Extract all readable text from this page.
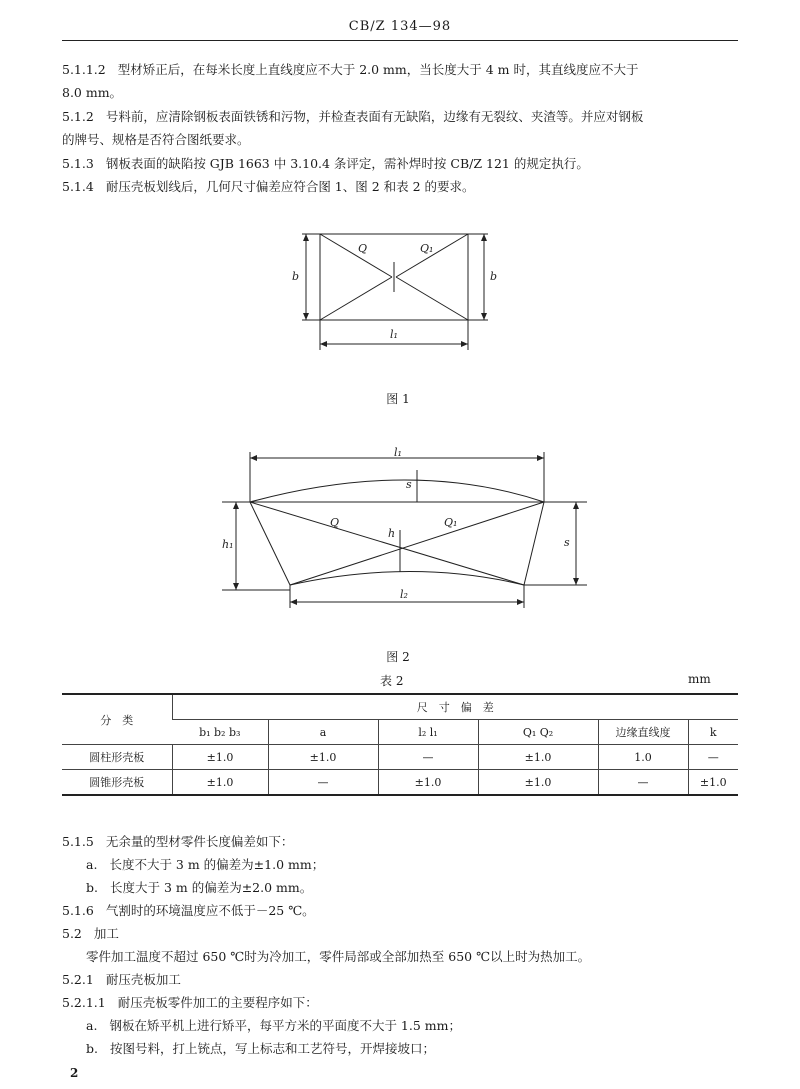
CB/Z 134—98
5.1.1.2 型材矫正后，在每米长度上直线度应不大于 2.0 mm，当长度大于 4 m 时，其直线度应不大于
8.0 mm。
5.1.2 号料前，应清除钢板表面铁锈和污物，并检查表面有无缺陷，边缘有无裂纹、夹渣等。并应对钢板
的牌号、规格是否符合图纸要求。
5.1.3 钢板表面的缺陷按 GJB 1663 中 3.10.4 条评定，需补焊时按 CB/Z 121 的规定执行。
5.1.4 耐压壳板划线后，几何尺寸偏差应符合图 1、图 2 和表 2 的要求。
Q	Q₁
b	b
l₁
图 1
l₁
Q	Q₁
h
s
h₁	s
l₂
图 2
表 2	mm
分　类	尺　寸　偏　差					
	b₁ b₂ b₃	a	l₂ l₁	Q₁ Q₂	边缘直线度	k
圆柱形壳板	±1.0	±1.0	—	±1.0	1.0	—
圆锥形壳板	±1.0	—	±1.0	±1.0	—	±1.0
5.1.5 无余量的型材零件长度偏差如下：
a. 长度不大于 3 m 的偏差为±1.0 mm；
b. 长度大于 3 m 的偏差为±2.0 mm。
5.1.6 气割时的环境温度应不低于－25 ℃。
5.2 加工
零件加工温度不超过 650 ℃时为冷加工，零件局部或全部加热至 650 ℃以上时为热加工。
5.2.1 耐压壳板加工
5.2.1.1 耐压壳板零件加工的主要程序如下：
a. 钢板在矫平机上进行矫平，每平方米的平面度不大于 1.5 mm；
b. 按图号料，打上铳点，写上标志和工艺符号，开焊接坡口；
2
